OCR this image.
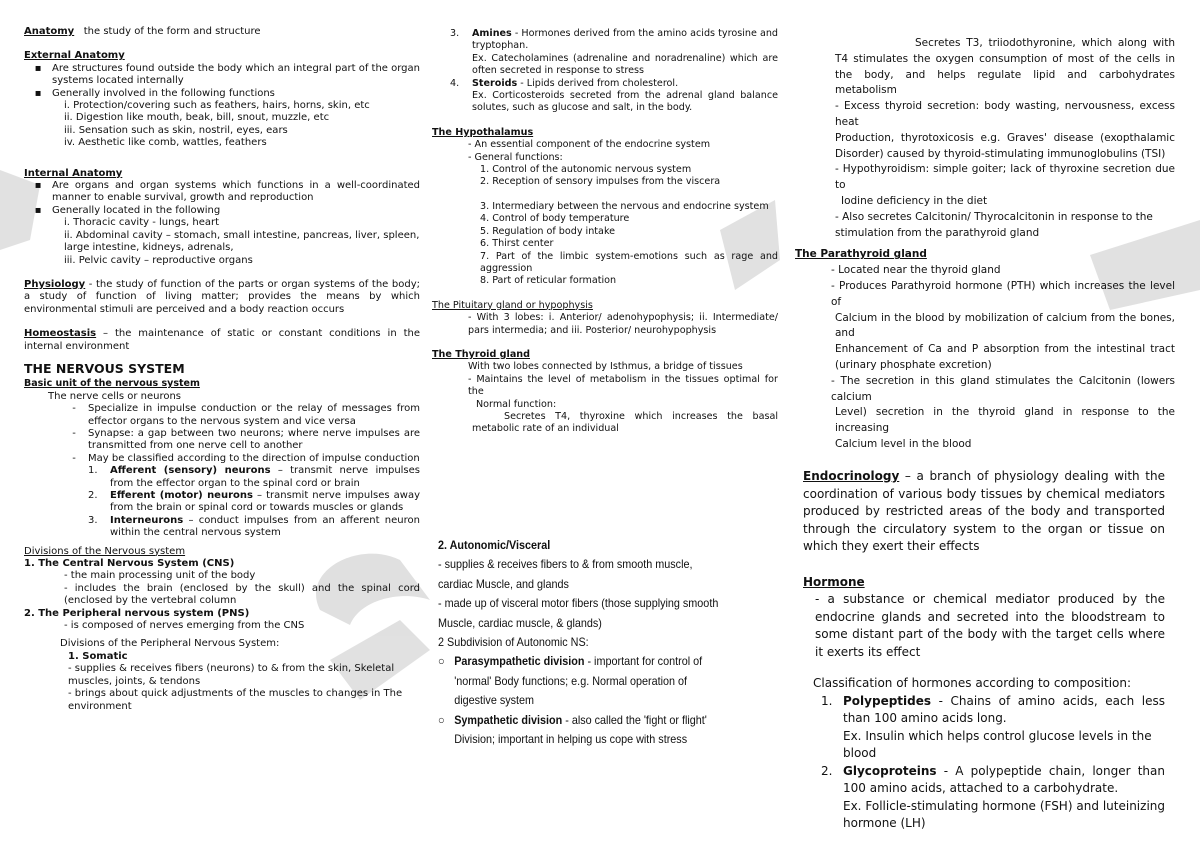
Anatomy the study of the form and structure

External Anatomy

▪	Are structures found outside the body which an integral part of the organ systems located internally
▪	Generally involved in the following functions

i. Protection/covering such as feathers, hairs, horns, skin, etc

ii. Digestion like mouth, beak, bill, snout, muzzle, etc

iii. Sensation such as skin, nostril, eyes, ears

iv. Aesthetic like comb, wattles, feathers

Internal Anatomy

▪	Are organs and organ systems which functions in a well-coordinated manner to enable survival, growth and reproduction
▪	Generally located in the following

i. Thoracic cavity - lungs, heart

ii. Abdominal cavity – stomach, small intestine, pancreas, liver, spleen, large intestine, kidneys, adrenals,

iii. Pelvic cavity – reproductive organs

Physiology - the study of function of the parts or organ systems of the body; a study of function of living matter; provides the means by which environmental stimuli are perceived and a body reaction occurs

Homeostasis – the maintenance of static or constant conditions in the internal environment

THE NERVOUS SYSTEM

Basic unit of the nervous system

The nerve cells or neurons

-	Specialize in impulse conduction or the relay of messages from effector organs to the nervous system and vice versa
-	Synapse: a gap between two neurons; where nerve impulses are transmitted from one nerve cell to another
-	May be classified according to the direction of impulse conduction
1.	Afferent (sensory) neurons – transmit nerve impulses from the effector organ to the spinal cord or brain
2.	Efferent (motor) neurons – transmit nerve impulses away from the brain or spinal cord or towards muscles or glands
3.	Interneurons – conduct impulses from an afferent neuron within the central nervous system

Divisions of the Nervous system

1. The Central Nervous System (CNS)

- the main processing unit of the body

- includes the brain (enclosed by the skull) and the spinal cord (enclosed by the vertebral column

2. The Peripheral nervous system (PNS)

- is composed of nerves emerging from the CNS

Divisions of the Peripheral Nervous System:

1. Somatic

- supplies & receives fibers (neurons) to & from the skin, Skeletal muscles, joints, & tendons

- brings about quick adjustments of the muscles to changes in The environment

3.	Amines - Hormones derived from the amino acids tyrosine and tryptophan.

Ex. Catecholamines (adrenaline and noradrenaline) which are often secreted in response to stress

4.	Steroids - Lipids derived from cholesterol.

Ex. Corticosteroids secreted from the adrenal gland balance solutes, such as glucose and salt, in the body.

The Hypothalamus

- An essential component of the endocrine system

- General functions:

1. Control of the autonomic nervous system

2. Reception of sensory impulses from the viscera

3. Intermediary between the nervous and endocrine system

4. Control of body temperature

5. Regulation of body intake

6. Thirst center

7. Part of the limbic system-emotions such as rage and aggression

8. Part of reticular formation

The Pituitary gland or hypophysis

- With 3 lobes: i. Anterior/ adenohypophysis; ii. Intermediate/ pars intermedia; and iii. Posterior/ neurohypophysis

The Thyroid gland

With two lobes connected by Isthmus, a bridge of tissues

- Maintains the level of metabolism in the tissues optimal for the

Normal function:

Secretes T4, thyroxine which increases the basal metabolic rate of an individual

2. Autonomic/Visceral

- supplies & receives fibers to & from smooth muscle, cardiac Muscle, and glands

- made up of visceral motor fibers (those supplying smooth Muscle, cardiac muscle, & glands)

2 Subdivision of Autonomic NS:

○ Parasympathetic division - important for control of 'normal' Body functions; e.g. Normal operation of digestive system
○ Sympathetic division - also called the 'fight or flight' Division; important in helping us cope with stress

Secretes T3, triiodothyronine, which along with T4 stimulates the oxygen consumption of most of the cells in the body, and helps regulate lipid and carbohydrates metabolism

- Excess thyroid secretion: body wasting, nervousness, excess heat

Production, thyrotoxicosis e.g. Graves' disease (exopthalamic Disorder) caused by thyroid-stimulating immunoglobulins (TSI)

- Hypothyroidism: simple goiter; lack of thyroxine secretion due to

Iodine deficiency in the diet

- Also secretes Calcitonin/ Thyrocalcitonin in response to the stimulation from the parathyroid gland

The Parathyroid gland

- Located near the thyroid gland

- Produces Parathyroid hormone (PTH) which increases the level of

Calcium in the blood by mobilization of calcium from the bones, and

Enhancement of Ca and P absorption from the intestinal tract (urinary phosphate excretion)

- The secretion in this gland stimulates the Calcitonin (lowers calcium

Level) secretion in the thyroid gland in response to the increasing

Calcium level in the blood

Endocrinology – a branch of physiology dealing with the coordination of various body tissues by chemical mediators produced by restricted areas of the body and transported through the circulatory system to the organ or tissue on which they exert their effects

Hormone

- a substance or chemical mediator produced by the endocrine glands and secreted into the bloodstream to some distant part of the body with the target cells where it exerts its effect

Classification of hormones according to composition:

1. Polypeptides - Chains of amino acids, each less than 100 amino acids long.

Ex. Insulin which helps control glucose levels in the blood

2. Glycoproteins - A polypeptide chain, longer than 100 amino acids, attached to a carbohydrate.

Ex. Follicle-stimulating hormone (FSH) and luteinizing hormone (LH)
